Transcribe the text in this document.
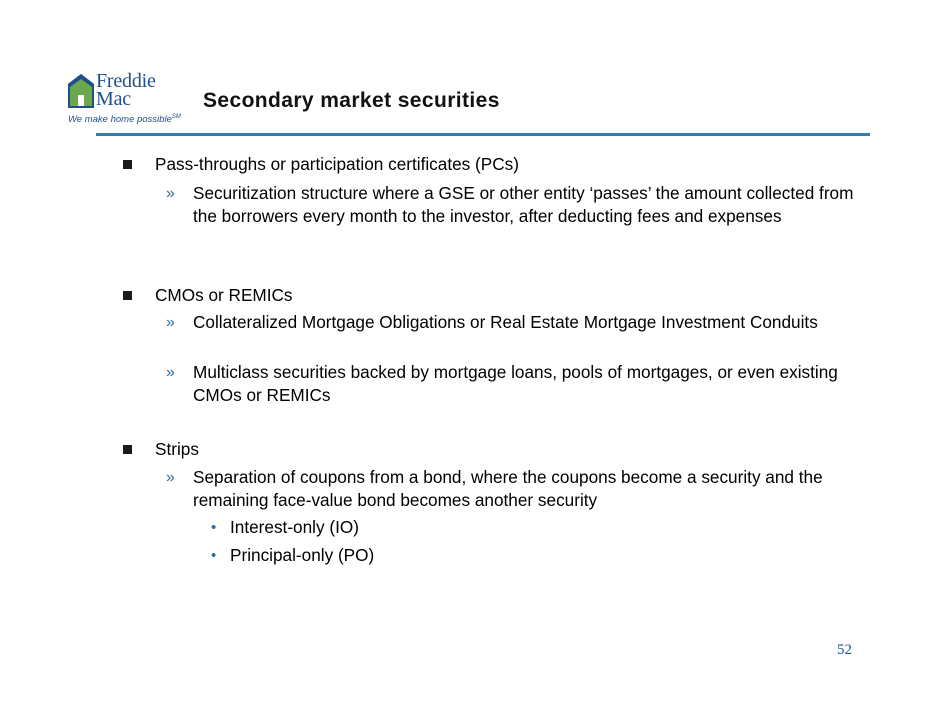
Freddie
Mac
We make home possible℠
Secondary market securities
Pass-throughs or participation certificates (PCs)
» Securitization structure where a GSE or other entity ‘passes’ the amount collected from the borrowers every month to the investor, after deducting fees and expenses
CMOs or REMICs
» Collateralized Mortgage Obligations or Real Estate Mortgage Investment Conduits
» Multiclass securities backed by mortgage loans, pools of mortgages, or even existing CMOs or REMICs
Strips
» Separation of coupons from a bond, where the coupons become a security and the remaining face-value bond becomes another security
• Interest-only (IO)
• Principal-only (PO)
52
